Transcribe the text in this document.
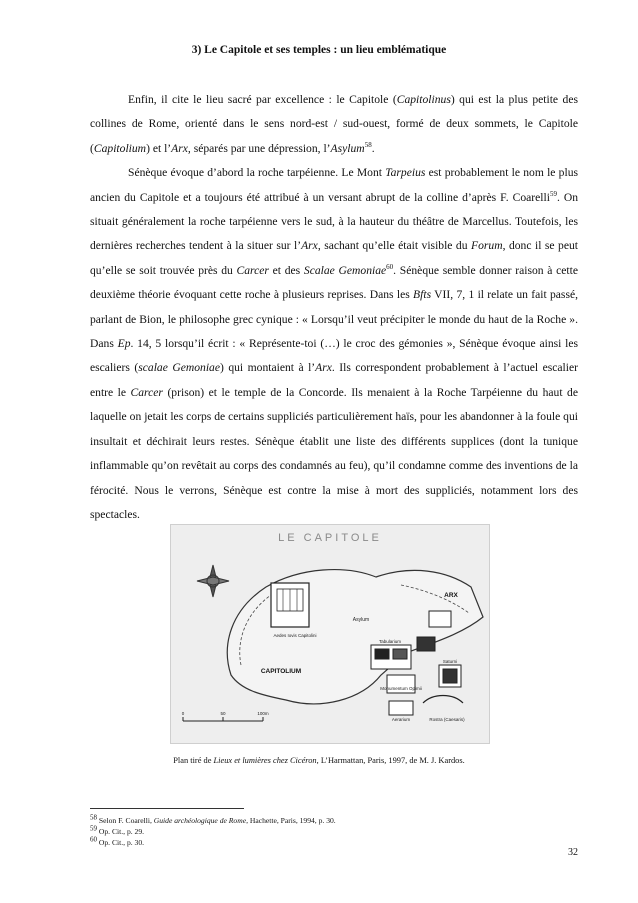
3) Le Capitole et ses temples : un lieu emblématique

Enfin, il cite le lieu sacré par excellence : le Capitole (Capitolinus) qui est la plus petite des collines de Rome, orienté dans le sens nord-est / sud-ouest, formé de deux sommets, le Capitole (Capitolium) et l’Arx, séparés par une dépression, l’Asylum$^{58}$.

Sénèque évoque d’abord la roche tarpéienne. Le Mont Tarpeius est probablement le nom le plus ancien du Capitole et a toujours été attribué à un versant abrupt de la colline d’après F. Coarelli$^{59}$. On situait généralement la roche tarpéienne vers le sud, à la hauteur du théâtre de Marcellus. Toutefois, les dernières recherches tendent à la situer sur l’Arx, sachant qu’elle était visible du Forum, donc il se peut qu’elle se soit trouvée près du Carcer et des Scalae Gemoniae$^{60}$. Sénèque semble donner raison à cette deuxième théorie évoquant cette roche à plusieurs reprises. Dans les Bfts VII, 7, 1 il relate un fait passé, parlant de Bion, le philosophe grec cynique : « Lorsqu’il veut précipiter le monde du haut de la Roche ». Dans Ep. 14, 5 lorsqu’il écrit : « Représente-toi (…) le croc des gémonies », Sénèque évoque ainsi les escaliers (scalae Gemoniae) qui montaient à l’Arx. Ils correspondent probablement à l’actuel escalier entre le Carcer (prison) et le temple de la Concorde. Ils menaient à la Roche Tarpéienne du haut de laquelle on jetait les corps de certains suppliciés particulièrement haïs, pour les abandonner à la foule qui insultait et déchirait leurs restes. Sénèque établit une liste des différents supplices (dont la tunique inflammable qu’on revêtait au corps des condamnés au feu), qu’il condamne comme des inventions de la férocité. Nous le verrons, Sénèque est contre la mise à mort des suppliciés, notamment lors des spectacles.

LE CAPITOLE
Aedes Iovis Capitolini
CAPITOLIUM
ARX
Asylum
Tabularium
Monumentum Opimii
Saturni
Aerarium	Rostra (Caesaris)
0	50	100m
Plan tiré de Lieux et lumières chez Cicéron, L’Harmattan, Paris, 1997, de M. J. Kardos.
$^{58}$ Selon F. Coarelli, Guide archéologique de Rome, Hachette, Paris, 1994, p. 30.
$^{59}$ Op. Cit., p. 29.
$^{60}$ Op. Cit., p. 30.
32
